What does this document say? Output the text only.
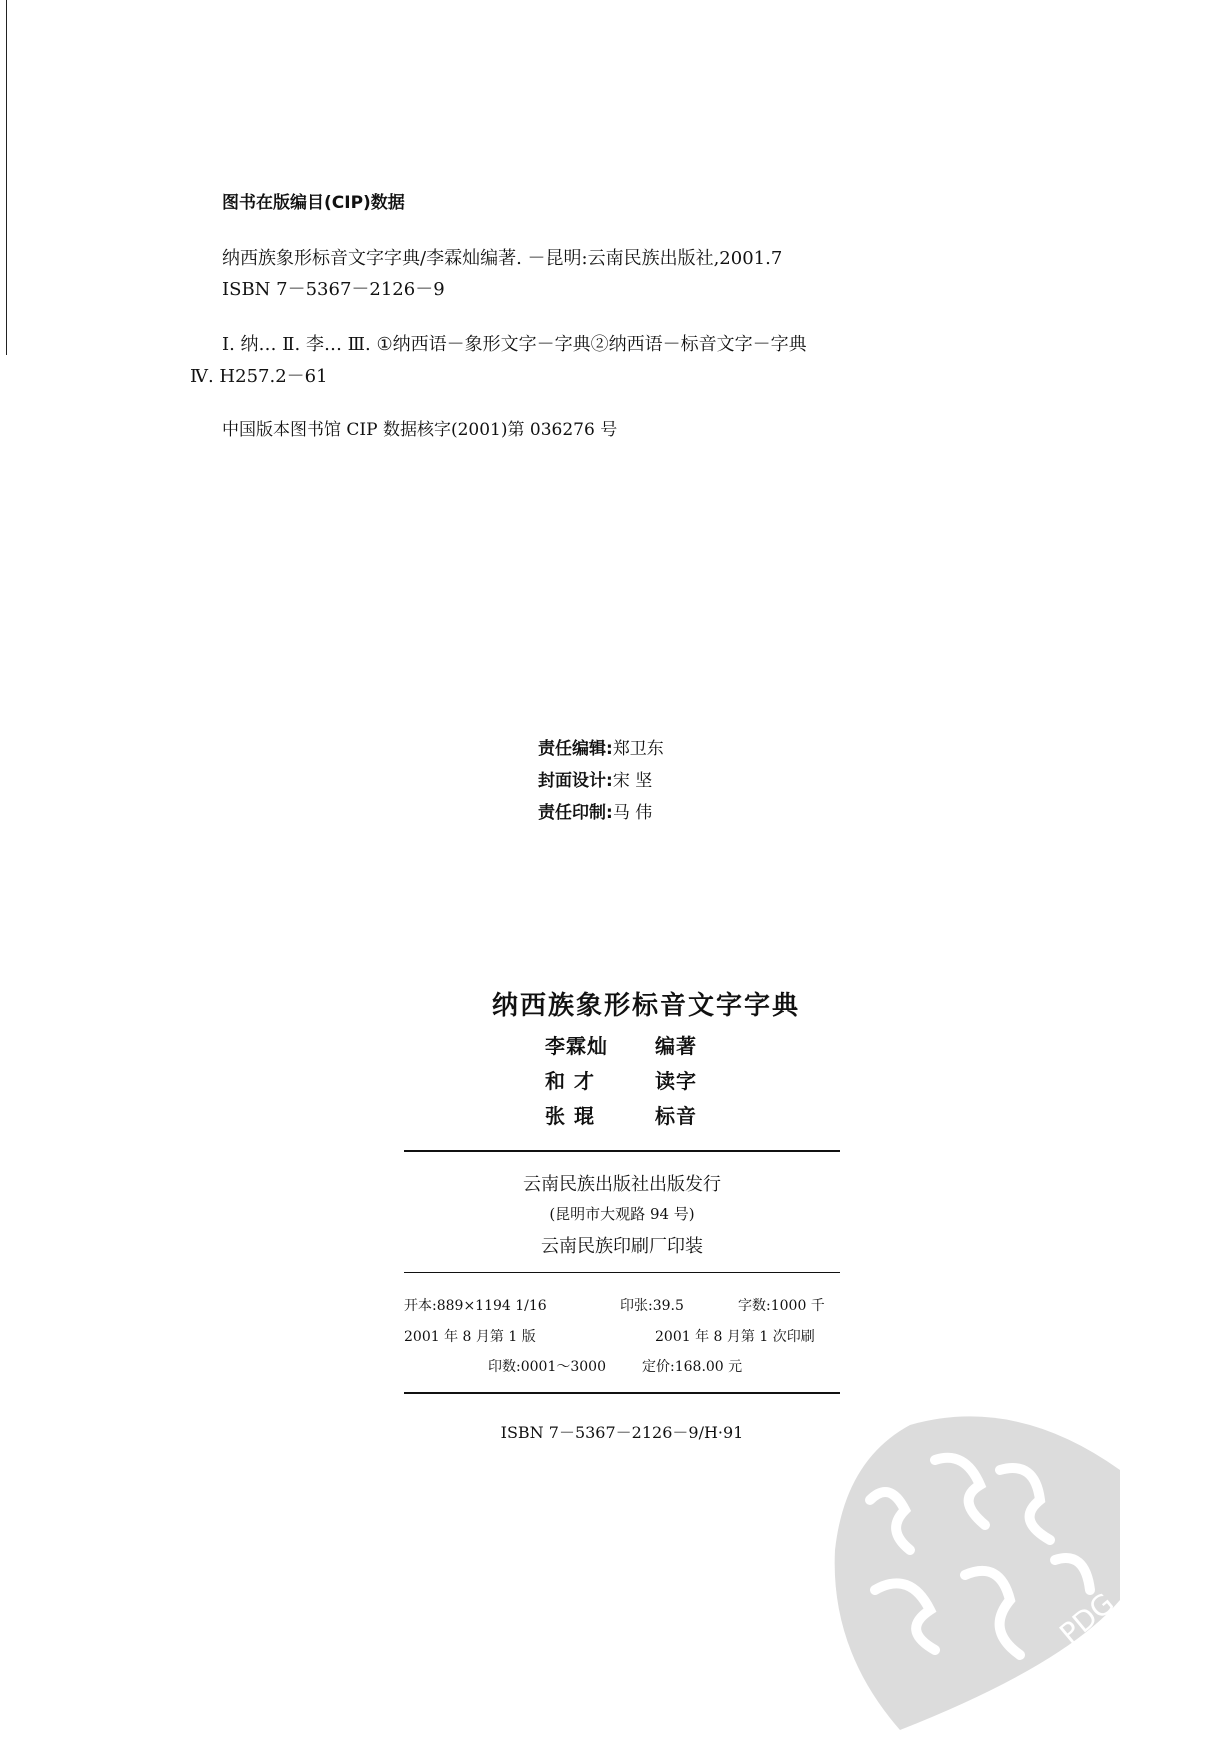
图书在版编目(CIP)数据
纳西族象形标音文字字典/李霖灿编著. －昆明:云南民族出版社,2001.7
ISBN 7－5367－2126－9
Ⅰ. 纳… Ⅱ. 李… Ⅲ. ①纳西语－象形文字－字典②纳西语－标音文字－字典
Ⅳ. H257.2－61
中国版本图书馆 CIP 数据核字(2001)第 036276 号
责任编辑:郑卫东
封面设计:宋 坚
责任印制:马 伟
纳西族象形标音文字字典
李霖灿 编著
和 才	读字
张 琨	标音
云南民族出版社出版发行
(昆明市大观路 94 号)
云南民族印刷厂印装
开本:889×1194 1/16	印张:39.5	字数:1000 千
2001 年 8 月第 1 版	2001 年 8 月第 1 次印刷
印数:0001～3000	定价:168.00 元
ISBN 7－5367－2126－9/H·91
PDG
